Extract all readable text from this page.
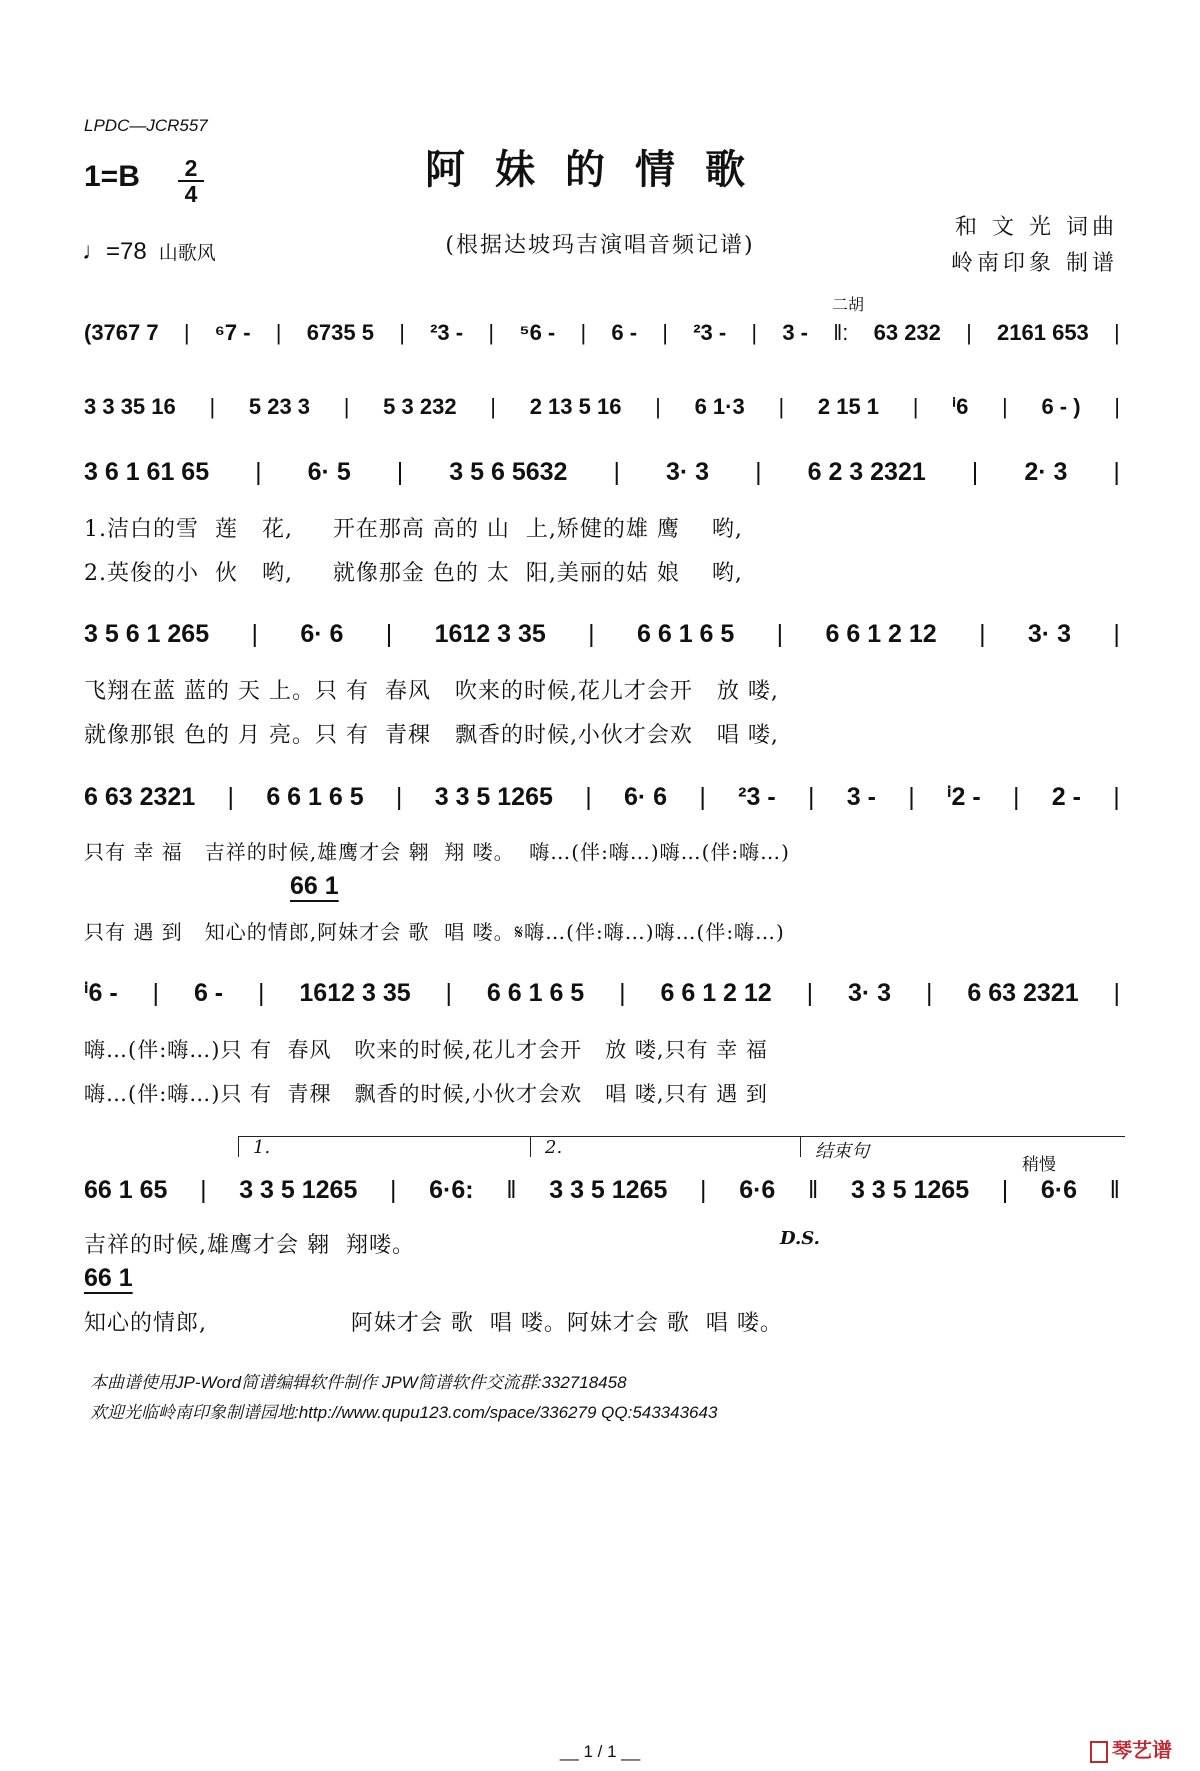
LPDC—JCR557
阿妹的情歌
1=B	2
4
♩=78 山歌风	(根据达坡玛吉演唱音频记谱)
和 文 光 词曲
岭南印象 制谱
二胡
(3767 7 | ⁶7 - | 6735 5 | ²3 - | ⁵6 - | 6 - | ²3 - | 3 - ‖: 63 232 | 2161 653 |
3 3 35 16 | 5 23 3 | 5 3 232 | 2 13 5 16 | 6 1·3 | 2 15 1 | ⁱ6 | 6 - ) |
3 6 1 61 65 | 6· 5 | 3 5 6 5632 | 3· 3 | 6 2 3 2321 | 2· 3 |
1.洁白的雪  莲   花,     开在那高 高的 山  上,矫健的雄 鹰    哟,
2.英俊的小  伙   哟,     就像那金 色的 太  阳,美丽的姑 娘    哟,
3 5 6 1 265 | 6· 6 | 1612 3 35 | 6 6 1 6 5 | 6 6 1 2 12 | 3· 3 |
飞翔在蓝 蓝的 天 上。只 有  春风   吹来的时候,花儿才会开   放 喽,
就像那银 色的 月 亮。只 有  青稞   飘香的时候,小伙才会欢   唱 喽,
6 63 2321 | 6 6 1 6 5 | 3 3 5 1265 | 6· 6 | ²3 - | 3 - | ⁱ2 - | 2 - |
只有 幸 福   吉祥的时候,雄鹰才会 翱  翔 喽。  嗨…(伴:嗨…)嗨…(伴:嗨…)
66 1
只有 遇 到   知心的情郎,阿妹才会 歌  唱 喽。𝄋嗨…(伴:嗨…)嗨…(伴:嗨…)
ⁱ6 - | 6 - | 1612 3 35 | 6 6 1 6 5 | 6 6 1 2 12 | 3· 3 | 6 63 2321 |
嗨…(伴:嗨…)只 有  春风   吹来的时候,花儿才会开   放 喽,只有 幸 福
嗨…(伴:嗨…)只 有  青稞   飘香的时候,小伙才会欢   唱 喽,只有 遇 到
1.	2.	结束句
稍慢
66 1 65 | 3 3 5 1265 | 6·6: ‖ 3 3 5 1265 | 6·6 ‖ 3 3 5 1265 | 6·6 ‖
吉祥的时候,雄鹰才会 翱  翔喽。	D.S.
66 1
知心的情郎,                  阿妹才会 歌  唱 喽。阿妹才会 歌  唱 喽。
本曲谱使用JP-Word简谱编辑软件制作 JPW简谱软件交流群:332718458
欢迎光临岭南印象制谱园地:http://www.qupu123.com/space/336279 QQ:543343643
__ 1 / 1 __	琴艺谱
